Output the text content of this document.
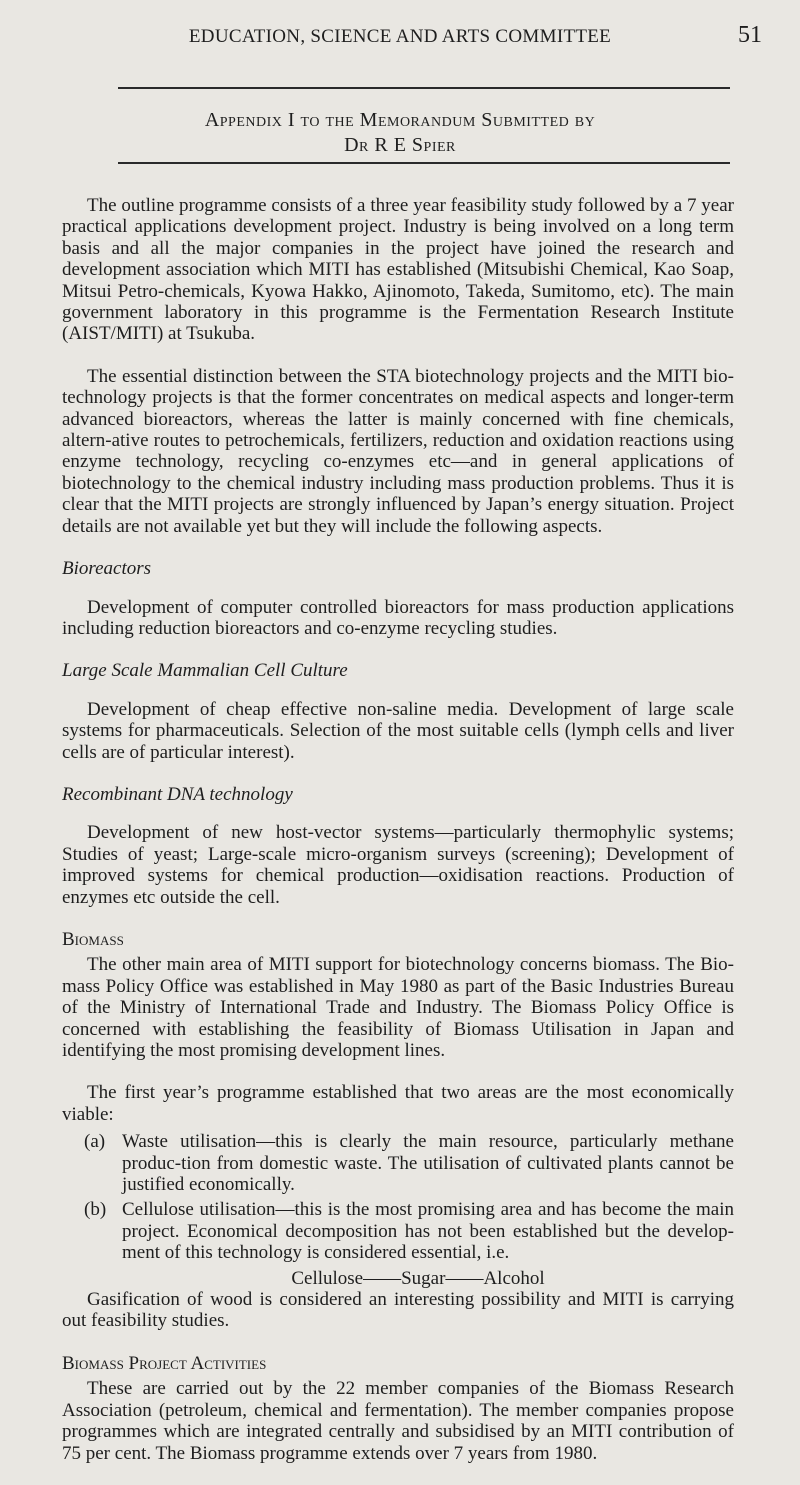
EDUCATION, SCIENCE AND ARTS COMMITTEE	51
Appendix I to the Memorandum Submitted by
Dr R E Spier

The outline programme consists of a three year feasibility study followed by a 7 year practical applications development project. Industry is being involved on a long term basis and all the major companies in the project have joined the research and development association which MITI has established (Mitsubishi Chemical, Kao Soap, Mitsui Petro-chemicals, Kyowa Hakko, Ajinomoto, Takeda, Sumitomo, etc). The main government laboratory in this programme is the Fermentation Research Institute (AIST/MITI) at Tsukuba.

The essential distinction between the STA biotechnology projects and the MITI bio-technology projects is that the former concentrates on medical aspects and longer-term advanced bioreactors, whereas the latter is mainly concerned with fine chemicals, altern-ative routes to petrochemicals, fertilizers, reduction and oxidation reactions using enzyme technology, recycling co-enzymes etc—and in general applications of biotechnology to the chemical industry including mass production problems. Thus it is clear that the MITI projects are strongly influenced by Japan’s energy situation. Project details are not available yet but they will include the following aspects.

Bioreactors

Development of computer controlled bioreactors for mass production applications including reduction bioreactors and co-enzyme recycling studies.

Large Scale Mammalian Cell Culture

Development of cheap effective non-saline media. Development of large scale systems for pharmaceuticals. Selection of the most suitable cells (lymph cells and liver cells are of particular interest).

Recombinant DNA technology

Development of new host-vector systems—particularly thermophylic systems; Studies of yeast; Large-scale micro-organism surveys (screening); Development of improved systems for chemical production—oxidisation reactions. Production of enzymes etc outside the cell.

Biomass

The other main area of MITI support for biotechnology concerns biomass. The Bio-mass Policy Office was established in May 1980 as part of the Basic Industries Bureau of the Ministry of International Trade and Industry. The Biomass Policy Office is concerned with establishing the feasibility of Biomass Utilisation in Japan and identifying the most promising development lines.

The first year’s programme established that two areas are the most economically viable:

(a) Waste utilisation—this is clearly the main resource, particularly methane produc-tion from domestic waste. The utilisation of cultivated plants cannot be justified economically.
(b) Cellulose utilisation—this is the most promising area and has become the main project. Economical decomposition has not been established but the develop-ment of this technology is considered essential, i.e.
Cellulose——Sugar——Alcohol

Gasification of wood is considered an interesting possibility and MITI is carrying out feasibility studies.

Biomass Project Activities

These are carried out by the 22 member companies of the Biomass Research Association (petroleum, chemical and fermentation). The member companies propose programmes which are integrated centrally and subsidised by an MITI contribution of 75 per cent. The Biomass programme extends over 7 years from 1980.
